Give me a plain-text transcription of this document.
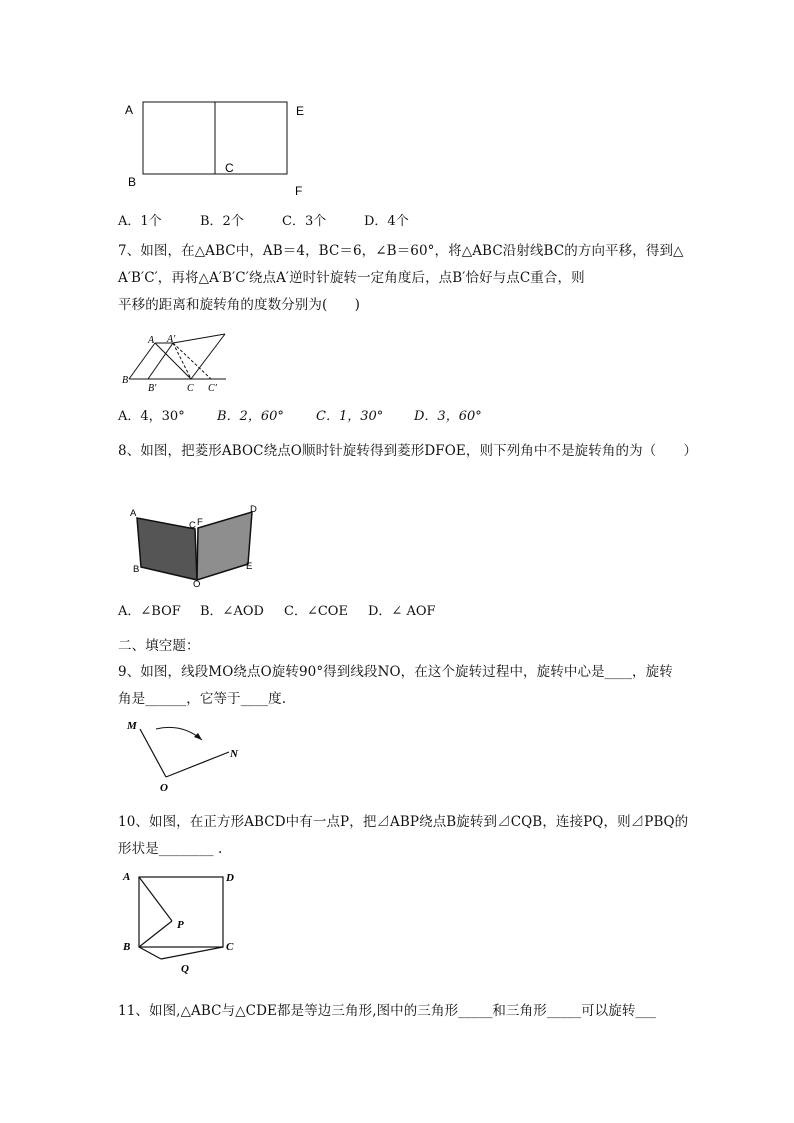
A
B
C
E
F
A．1个	B．2个	C．3个	D．4个
7、如图，在△ABC中，AB＝4，BC＝6，∠B＝60°，将△ABC沿射线BC的方向平移，得到△
A′B′C′，再将△A′B′C′绕点A′逆时针旋转一定角度后，点B′恰好与点C重合，则
平移的距离和旋转角的度数分别为(　　)
A A′
B
B′	C C′
A．4，30° B．2，60° C．1，30° D．3，60°
8、如图，把菱形ABOC绕点O顺时针旋转得到菱形DFOE，则下列角中不是旋转角的为（　　）
A
B
C F
D
E
O
A．∠BOF B．∠AOD C．∠COE D．∠ AOF
二、填空题：
9、如图，线段MO绕点O旋转90°得到线段NO，在这个旋转过程中，旋转中心是____，旋转
角是______，它等于____度.
M
O
N
10、如图，在正方形ABCD中有一点P，把⊿ABP绕点B旋转到⊿CQB，连接PQ，则⊿PBQ的
形状是________ .
A	D
P
B	C
Q
11、如图,△ABC与△CDE都是等边三角形,图中的三角形_____和三角形_____可以旋转___
